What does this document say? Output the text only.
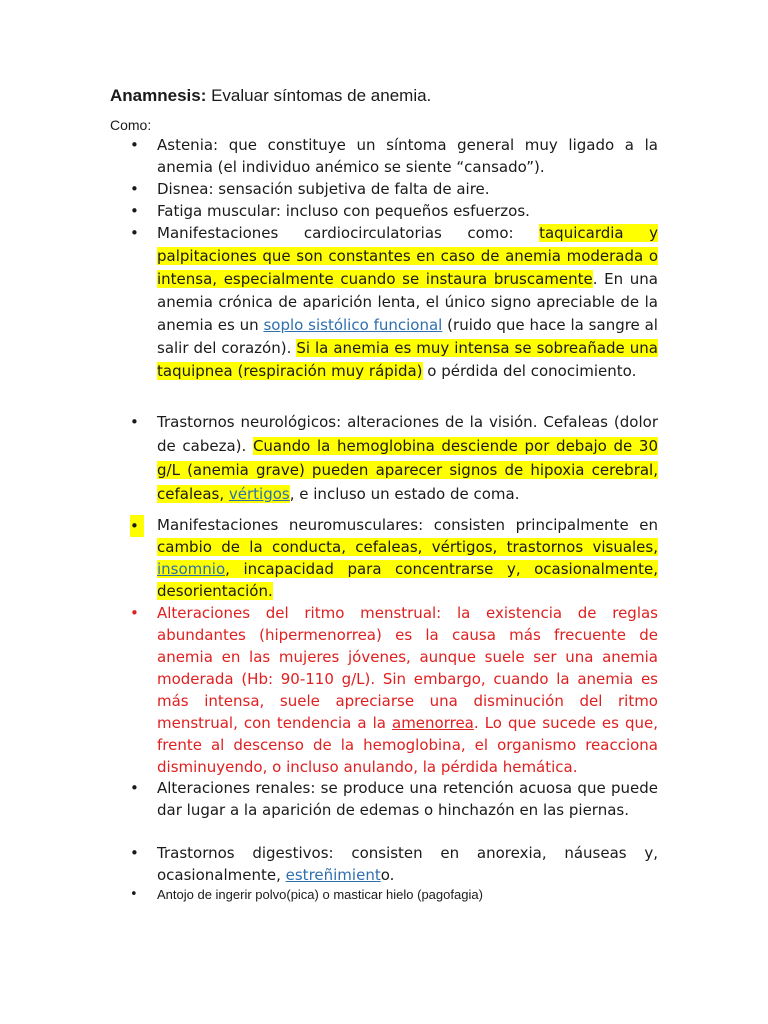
Anamnesis: Evaluar síntomas de anemia.
Como:
•	Astenia: que constituye un síntoma general muy ligado a la anemia (el individuo anémico se siente “cansado”).
•	Disnea: sensación subjetiva de falta de aire.
•	Fatiga muscular: incluso con pequeños esfuerzos.
•	Manifestaciones cardiocirculatorias como: taquicardia y palpitaciones que son constantes en caso de anemia moderada o intensa, especialmente cuando se instaura bruscamente. En una anemia crónica de aparición lenta, el único signo apreciable de la anemia es un soplo sistólico funcional (ruido que hace la sangre al salir del corazón). Si la anemia es muy intensa se sobreañade una taquipnea (respiración muy rápida) o pérdida del conocimiento.
•	Trastornos neurológicos: alteraciones de la visión. Cefaleas (dolor de cabeza). Cuando la hemoglobina desciende por debajo de 30 g/L (anemia grave) pueden aparecer signos de hipoxia cerebral, cefaleas, vértigos, e incluso un estado de coma.
•	Manifestaciones neuromusculares: consisten principalmente en cambio de la conducta, cefaleas, vértigos, trastornos visuales, insomnio, incapacidad para concentrarse y, ocasionalmente, desorientación.
•	Alteraciones del ritmo menstrual: la existencia de reglas abundantes (hipermenorrea) es la causa más frecuente de anemia en las mujeres jóvenes, aunque suele ser una anemia moderada (Hb: 90-110 g/L). Sin embargo, cuando la anemia es más intensa, suele apreciarse una disminución del ritmo menstrual, con tendencia a la amenorrea. Lo que sucede es que, frente al descenso de la hemoglobina, el organismo reacciona disminuyendo, o incluso anulando, la pérdida hemática.
•	Alteraciones renales: se produce una retención acuosa que puede dar lugar a la aparición de edemas o hinchazón en las piernas.
•	Trastornos digestivos: consisten en anorexia, náuseas y, ocasionalmente, estreñimiento.
•	Antojo de ingerir polvo(pica) o masticar hielo (pagofagia)
